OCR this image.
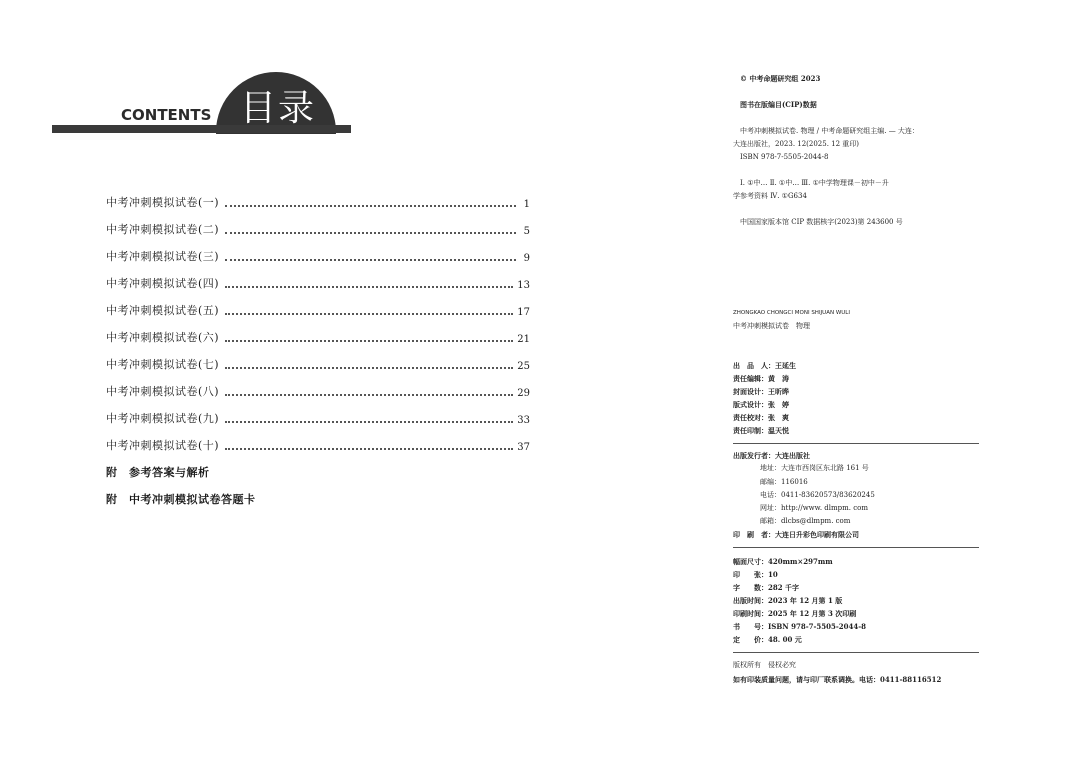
CONTENTS 目录
中考冲刺模拟试卷(一)	1
中考冲刺模拟试卷(二)	5
中考冲刺模拟试卷(三)	9
中考冲刺模拟试卷(四)	13
中考冲刺模拟试卷(五)	17
中考冲刺模拟试卷(六)	21
中考冲刺模拟试卷(七)	25
中考冲刺模拟试卷(八)	29
中考冲刺模拟试卷(九)	33
中考冲刺模拟试卷(十)	37
附　参考答案与解析
附　中考冲刺模拟试卷答题卡
© 中考命题研究组 2023
图书在版编目(CIP)数据
中考冲刺模拟试卷. 物理 / 中考命题研究组主编. — 大连：
大连出版社，2023. 12(2025. 12 重印)
ISBN 978-7-5505-2044-8
Ⅰ. ①中… Ⅱ. ①中… Ⅲ. ①中学物理课－初中－升
学参考资料 Ⅳ. ①G634
中国国家版本馆 CIP 数据核字(2023)第 243600 号
ZHONGKAO CHONGCI MONI SHIJUAN WULI
中考冲刺模拟试卷　物理
出　品　人：王延生
责任编辑：黄　涛
封面设计：王昕晔
版式设计：张　婷
责任校对：张　爽
责任印制：温天悦
出版发行者：大连出版社
地址：大连市西岗区东北路 161 号
邮编：116016
电话：0411-83620573/83620245
网址：http://www. dlmpm. com
邮箱：dlcbs@dlmpm. com
印　刷　者：大连日升彩色印刷有限公司
幅面尺寸：420mm×297mm
印　　张：10
字　　数：282 千字
出版时间：2023 年 12 月第 1 版
印刷时间：2025 年 12 月第 3 次印刷
书　　号：ISBN 978-7-5505-2044-8
定　　价：48. 00 元
版权所有　侵权必究
如有印装质量问题，请与印厂联系调换。电话：0411-88116512
